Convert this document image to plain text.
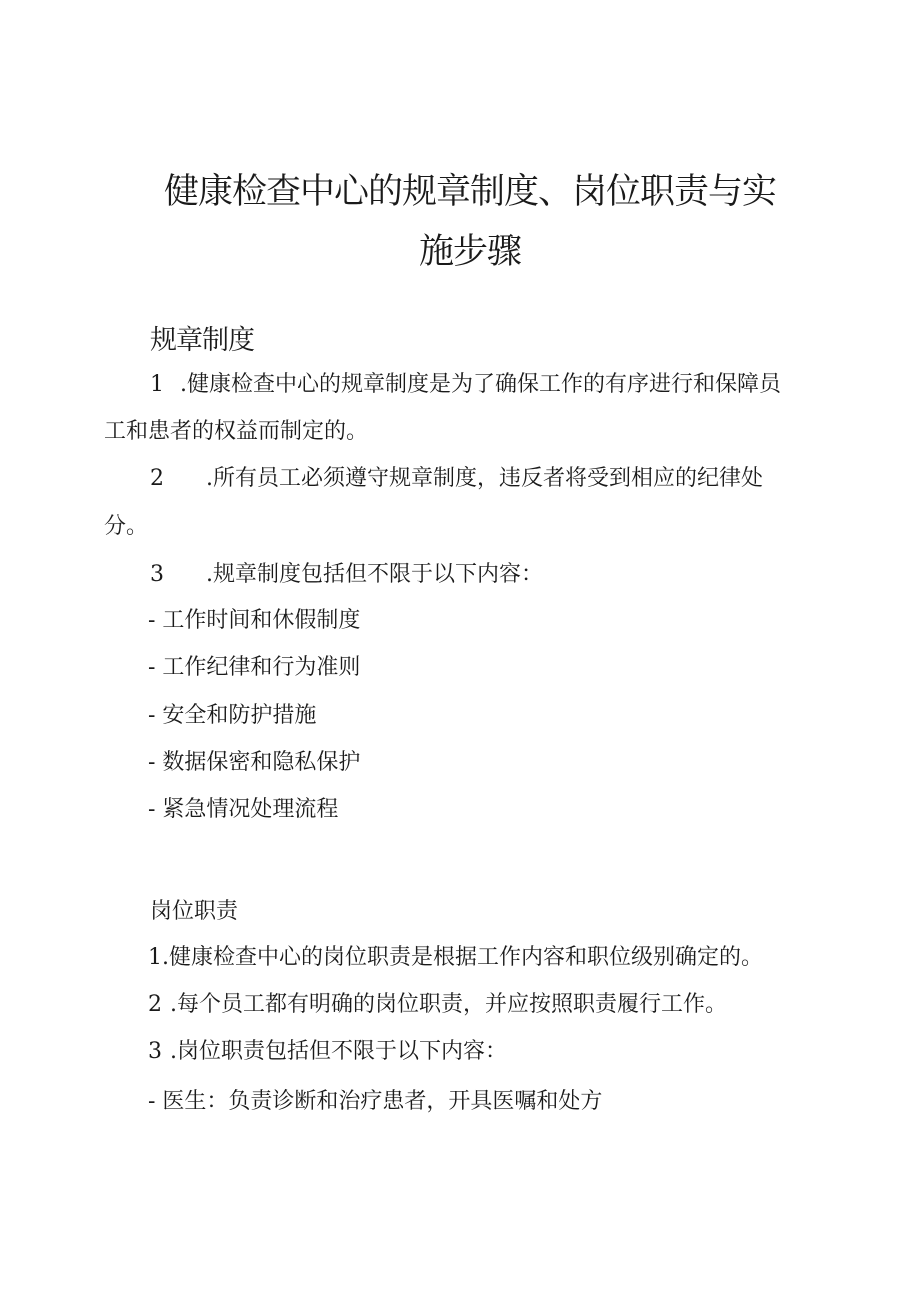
健康检查中心的规章制度、岗位职责与实
施步骤
规章制度
1 .健康检查中心的规章制度是为了确保工作的有序进行和保障员
工和患者的权益而制定的。
2 .所有员工必须遵守规章制度，违反者将受到相应的纪律处
分。
3 .规章制度包括但不限于以下内容：
- 工作时间和休假制度
- 工作纪律和行为准则
- 安全和防护措施
- 数据保密和隐私保护
- 紧急情况处理流程
岗位职责
1.健康检查中心的岗位职责是根据工作内容和职位级别确定的。
2 .每个员工都有明确的岗位职责，并应按照职责履行工作。
3 .岗位职责包括但不限于以下内容：
- 医生：负责诊断和治疗患者，开具医嘱和处方
